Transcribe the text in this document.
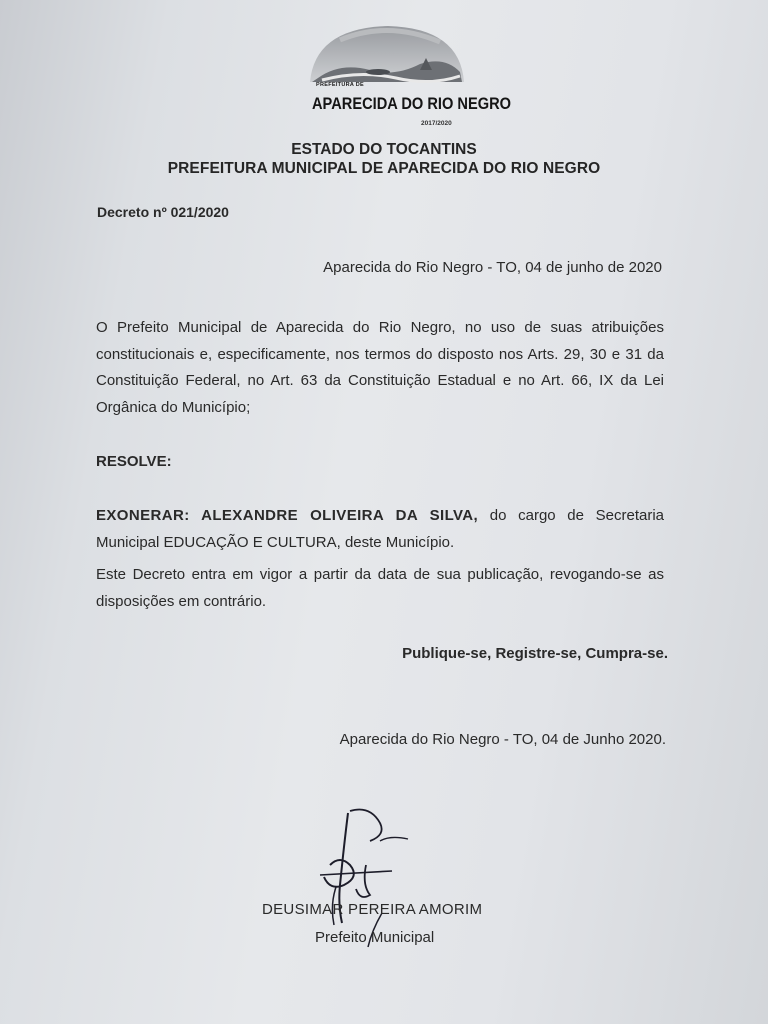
PREFEITURA DE
APARECIDA DO RIO NEGRO
2017/2020
ESTADO DO TOCANTINS
PREFEITURA MUNICIPAL DE APARECIDA DO RIO NEGRO
Decreto nº 021/2020
Aparecida do Rio Negro - TO, 04 de junho de 2020
O Prefeito Municipal de Aparecida do Rio Negro, no uso de suas atribuições constitucionais e, especificamente, nos termos do disposto nos Arts. 29, 30 e 31 da Constituição Federal, no Art. 63 da Constituição Estadual e no Art. 66, IX da Lei Orgânica do Município;
RESOLVE:
EXONERAR: ALEXANDRE OLIVEIRA DA SILVA, do cargo de Secretaria Municipal EDUCAÇÃO E CULTURA, deste Município.
Este Decreto entra em vigor a partir da data de sua publicação, revogando-se as disposições em contrário.
Publique-se, Registre-se, Cumpra-se.
Aparecida do Rio Negro - TO, 04 de Junho 2020.
DEUSIMAR PEREIRA AMORIM
Prefeito Municipal
